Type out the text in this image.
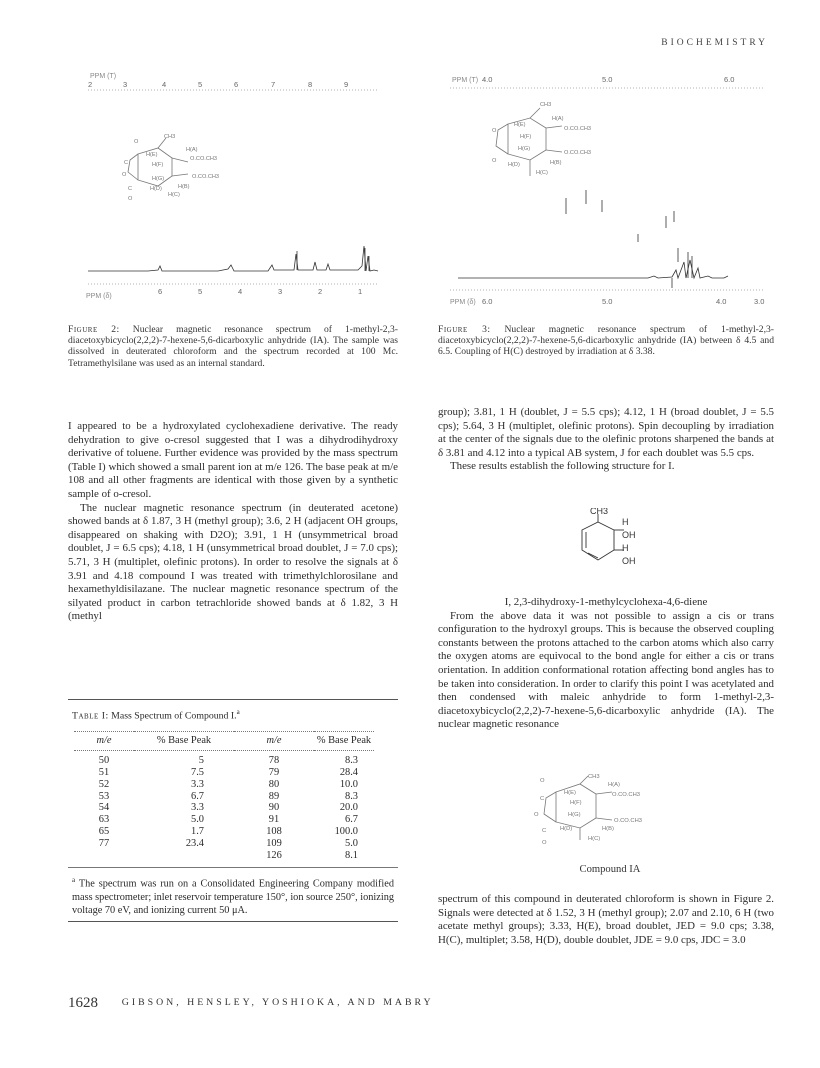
BIOCHEMISTRY
PPM (T)
2	3	4	5	6	7	8	9
O
CH3
H(A)
H(E)
O.CO.CH3
H(F)
C
H(G)
O	O.CO.CH3
H(D)	H(B)
H(C)
C
O
PPM (δ)
6	5	4	3	2	1
Figure 2: Nuclear magnetic resonance spectrum of 1-methyl-2,3-diacetoxybicyclo(2,2,2)-7-hexene-5,6-dicarboxylic anhydride (IA). The sample was dissolved in deuterated chloroform and the spectrum recorded at 100 Mc. Tetramethylsilane was used as an internal standard.
PPM (T) 4.0	5.0	6.0
CH3
H(A)
H(E)
O.CO.CH3
H(F)
H(G)
O.CO.CH3
H(D)	H(B)
H(C)
O
O
PPM (δ) 6.0	5.0	4.0	3.0
Figure 3: Nuclear magnetic resonance spectrum of 1-methyl-2,3-diacetoxybicyclo(2,2,2)-7-hexene-5,6-dicarboxylic anhydride (IA) between δ 4.5 and 6.5. Coupling of H(C) destroyed by irradiation at δ 3.38.

I appeared to be a hydroxylated cyclohexadiene derivative. The ready dehydration to give o-cresol suggested that I was a dihydrodihydroxy derivative of toluene. Further evidence was provided by the mass spectrum (Table I) which showed a small parent ion at m/e 126. The base peak at m/e 108 and all other fragments are identical with those given by a synthetic sample of o-cresol.

The nuclear magnetic resonance spectrum (in deuterated acetone) showed bands at δ 1.87, 3 H (methyl group); 3.6, 2 H (adjacent OH groups, disappeared on shaking with D2O); 3.91, 1 H (unsymmetrical broad doublet, J = 6.5 cps); 4.18, 1 H (unsymmetrical broad doublet, J = 7.0 cps); 5.71, 3 H (multiplet, olefinic protons). In order to resolve the signals at δ 3.91 and 4.18 compound I was treated with trimethylchlorosilane and hexamethyldisilazane. The nuclear magnetic resonance spectrum of the silyated product in carbon tetrachloride showed bands at δ 1.82, 3 H (methyl

Table I: Mass Spectrum of Compound I.$^a$
m/e	% Base Peak	m/e	% Base Peak
50	5	78	8.3
51	7.5	79	28.4
52	3.3	80	10.0
53	6.7	89	8.3
54	3.3	90	20.0
63	5.0	91	6.7
65	1.7	108	100.0
77	23.4	109	5.0
		126	8.1
$^a$ The spectrum was run on a Consolidated Engineering Company modified mass spectrometer; inlet reservoir temperature 150°, ion source 250°, ionizing voltage 70 eV, and ionizing current 50 μA.

group); 3.81, 1 H (doublet, J = 5.5 cps); 4.12, 1 H (broad doublet, J = 5.5 cps); 5.64, 3 H (multiplet, olefinic protons). Spin decoupling by irradiation at the center of the signals due to the olefinic protons sharpened the bands at δ 3.81 and 4.12 into a typical AB system, J for each doublet was 5.5 cps.

These results establish the following structure for I.

CH3
H
OH
H
OH

I, 2,3-dihydroxy-1-methylcyclohexa-4,6-diene

From the above data it was not possible to assign a cis or trans configuration to the hydroxyl groups. This is because the observed coupling constants between the protons attached to the carbon atoms which also carry the oxygen atoms are equivocal to the bond angle for either a cis or trans orientation. In addition conformational rotation affecting bond angles has to be taken into consideration. In order to clarify this point I was acetylated and then condensed with maleic anhydride to form 1-methyl-2,3-diacetoxybicyclo(2,2,2)-7-hexene-5,6-dicarboxylic anhydride (IA). The nuclear magnetic resonance

O
CH3
H(A)
H(E)	O.CO.CH3
H(F)
C
H(G)
O.CO.CH3
O
H(D)	H(B)
H(C)
C
O
Compound IA

spectrum of this compound in deuterated chloroform is shown in Figure 2. Signals were detected at δ 1.52, 3 H (methyl group); 2.07 and 2.10, 6 H (two acetate methyl groups); 3.33, H(E), broad doublet, JED = 9.0 cps; 3.38, H(C), multiplet; 3.58, H(D), double doublet, JDE = 9.0 cps, JDC = 3.0

1628 GIBSON, HENSLEY, YOSHIOKA, AND MABRY
